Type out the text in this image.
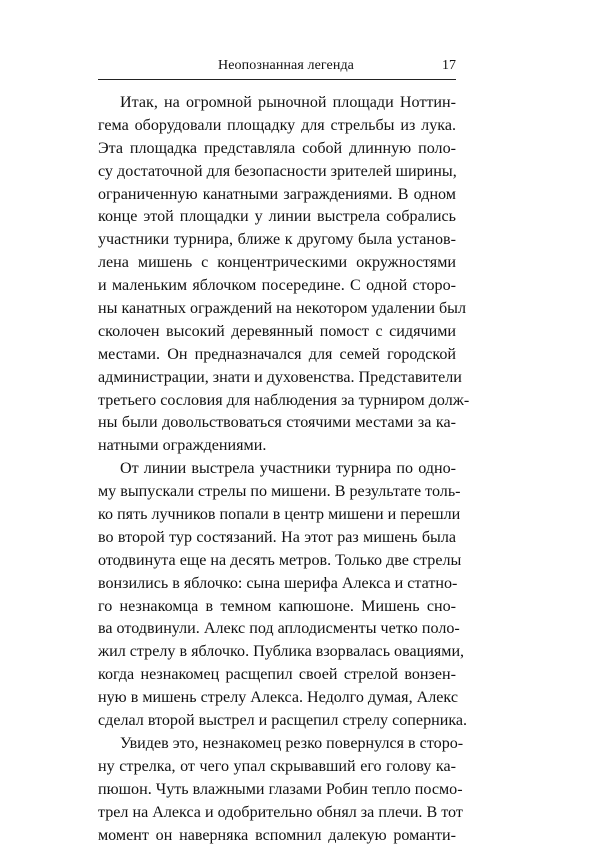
Неопознанная легенда	17
Итак, на огромной рыночной площади Ноттин-
гема оборудовали площадку для стрельбы из лука.
Эта площадка представляла собой длинную поло-
су достаточной для безопасности зрителей ширины,
ограниченную канатными заграждениями. В одном
конце этой площадки у линии выстрела собрались
участники турнира, ближе к другому была установ-
лена мишень с концентрическими окружностями
и маленьким яблочком посередине. С одной сторо-
ны канатных ограждений на некотором удалении был
сколочен высокий деревянный помост с сидячими
местами. Он предназначался для семей городской
администрации, знати и духовенства. Представители
третьего сословия для наблюдения за турниром долж-
ны были довольствоваться стоячими местами за ка-
натными ограждениями.
От линии выстрела участники турнира по одно-
му выпускали стрелы по мишени. В результате толь-
ко пять лучников попали в центр мишени и перешли
во второй тур состязаний. На этот раз мишень была
отодвинута еще на десять метров. Только две стрелы
вонзились в яблочко: сына шерифа Алекса и статно-
го незнакомца в темном капюшоне. Мишень сно-
ва отодвинули. Алекс под аплодисменты четко поло-
жил стрелу в яблочко. Публика взорвалась овациями,
когда незнакомец расщепил своей стрелой вонзен-
ную в мишень стрелу Алекса. Недолго думая, Алекс
сделал второй выстрел и расщепил стрелу соперника.
Увидев это, незнакомец резко повернулся в сторо-
ну стрелка, от чего упал скрывавший его голову ка-
пюшон. Чуть влажными глазами Робин тепло посмо-
трел на Алекса и одобрительно обнял за плечи. В тот
момент он наверняка вспомнил далекую романти-
